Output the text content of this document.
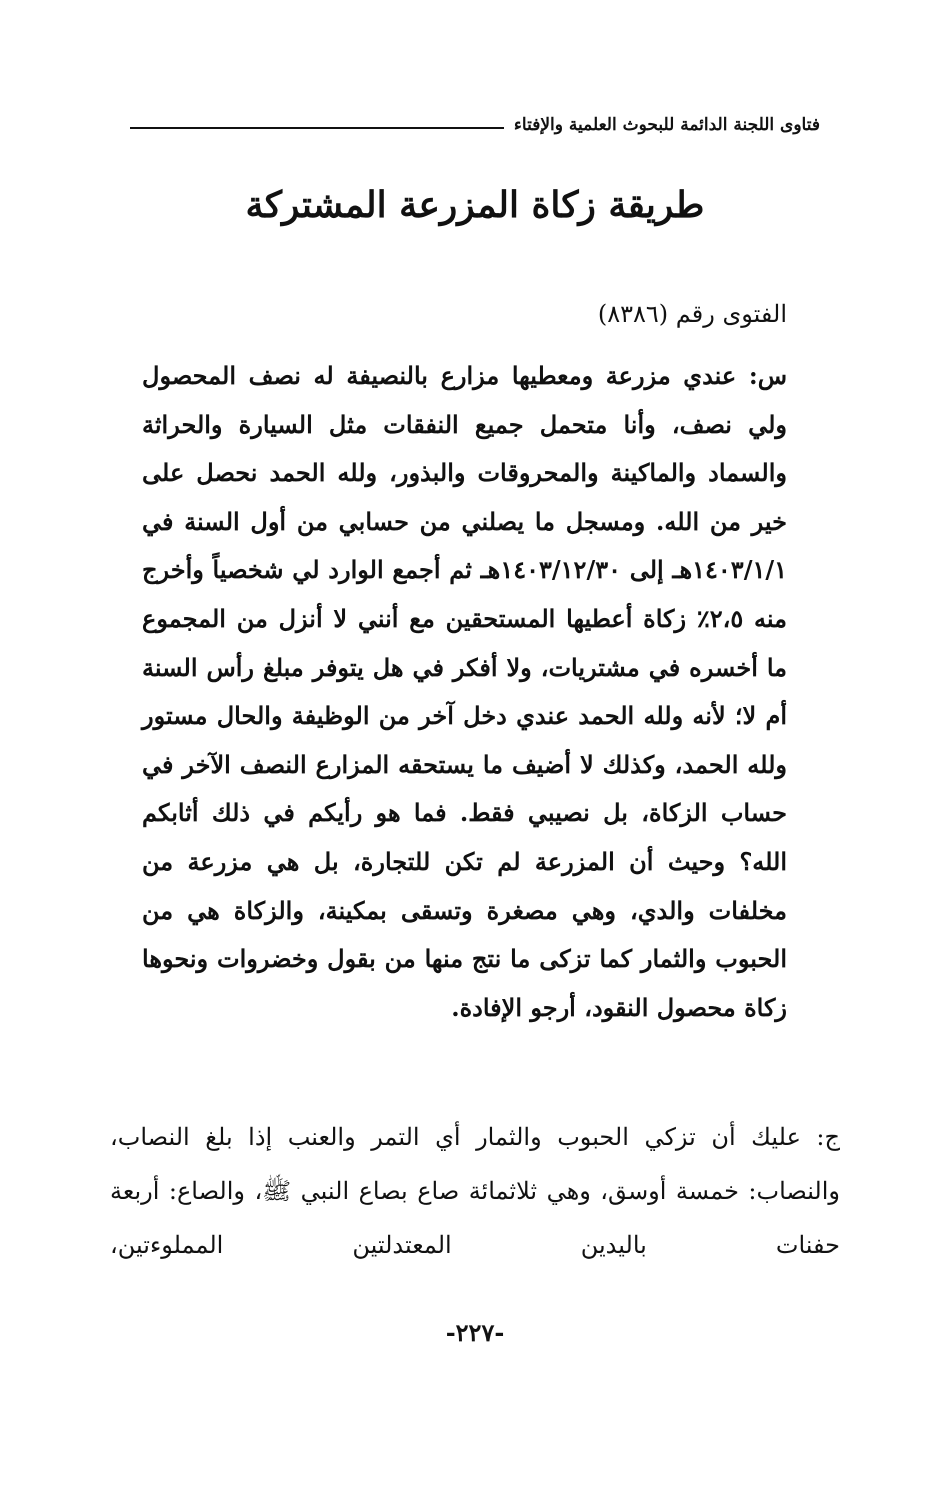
فتاوى اللجنة الدائمة للبحوث العلمية والإفتاء
طريقة زكاة المزرعة المشتركة
الفتوى رقم (٨٣٨٦)
س: عندي مزرعة ومعطيها مزارع بالنصيفة له نصف المحصول ولي نصف، وأنا متحمل جميع النفقات مثل السيارة والحراثة والسماد والماكينة والمحروقات والبذور، ولله الحمد نحصل على خير من الله. ومسجل ما يصلني من حسابي من أول السنة في ١٤٠٣/١/١هـ إلى ١٤٠٣/١٢/٣٠هـ ثم أجمع الوارد لي شخصياً وأخرج منه ٢،٥٪ زكاة أعطيها المستحقين مع أنني لا أنزل من المجموع ما أخسره في مشتريات، ولا أفكر في هل يتوفر مبلغ رأس السنة أم لا؛ لأنه ولله الحمد عندي دخل آخر من الوظيفة والحال مستور ولله الحمد، وكذلك لا أضيف ما يستحقه المزارع النصف الآخر في حساب الزكاة، بل نصيبي فقط. فما هو رأيكم في ذلك أثابكم الله؟ وحيث أن المزرعة لم تكن للتجارة، بل هي مزرعة من مخلفات والدي، وهي مصغرة وتسقى بمكينة، والزكاة هي من الحبوب والثمار كما تزكى ما نتج منها من بقول وخضروات ونحوها زكاة محصول النقود، أرجو الإفادة.
ج: عليك أن تزكي الحبوب والثمار أي التمر والعنب إذا بلغ النصاب، والنصاب: خمسة أوسق، وهي ثلاثمائة صاع بصاع النبي ﷺ، والصاع: أربعة حفنات باليدين المعتدلتين المملوءتين،
-٢٢٧-
